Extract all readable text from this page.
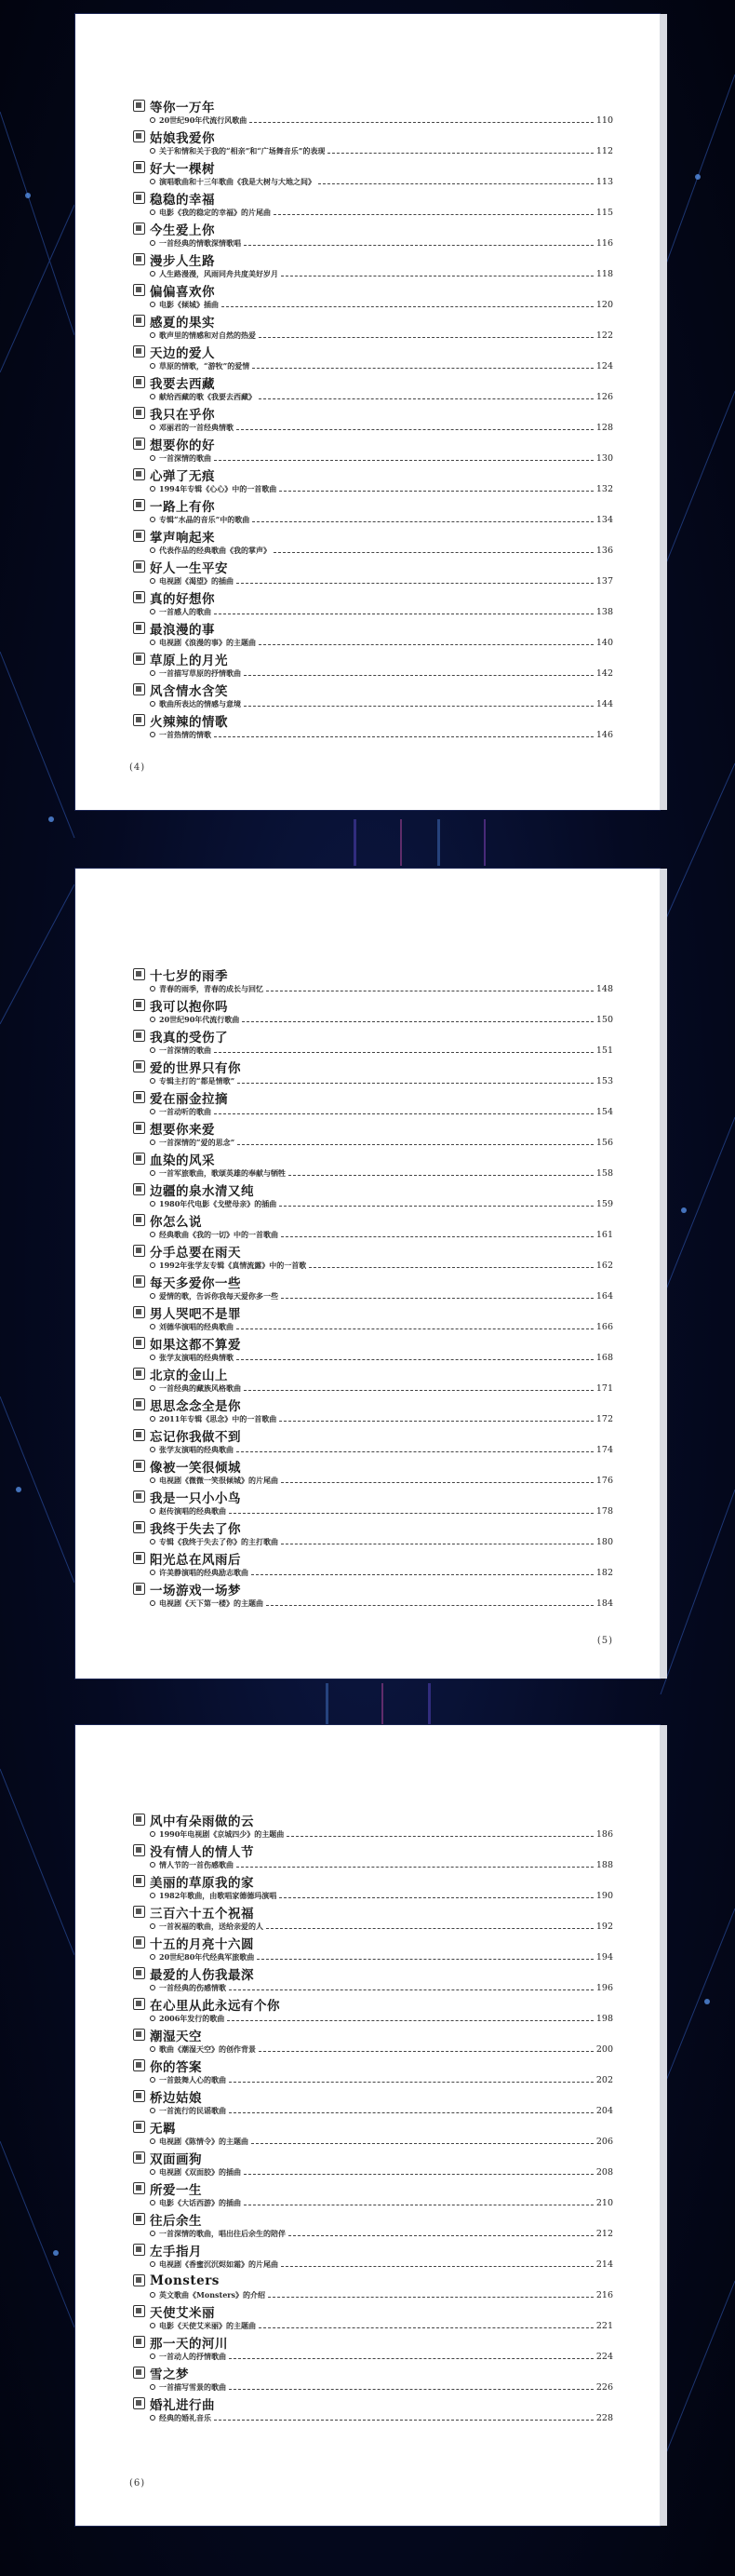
等你一万年
20世纪90年代流行风歌曲	110
姑娘我爱你
关于和情和关于我的“相亲”和“广场舞音乐”的表现	112
好大一棵树
演唱歌曲和十三年歌曲《我是大树与大地之间》	113
稳稳的幸福
电影《我的稳定的幸福》的片尾曲	115
今生爱上你
一首经典的情歌深情歌唱	116
漫步人生路
人生路漫漫，风雨同舟共度美好岁月	118
偏偏喜欢你
电影《倾城》插曲	120
感夏的果实
歌声里的情感和对自然的热爱	122
天边的爱人
草原的情歌，“游牧”的爱情	124
我要去西藏
献给西藏的歌《我要去西藏》	126
我只在乎你
邓丽君的一首经典情歌	128
想要你的好
一首深情的歌曲	130
心弹了无痕
1994年专辑《心心》中的一首歌曲	132
一路上有你
专辑“水晶的音乐”中的歌曲	134
掌声响起来
代表作品的经典歌曲《我的掌声》	136
好人一生平安
电视剧《渴望》的插曲	137
真的好想你
一首感人的歌曲	138
最浪漫的事
电视剧《浪漫的事》的主题曲	140
草原上的月光
一首描写草原的抒情歌曲	142
风含情水含笑
歌曲所表达的情感与意境	144
火辣辣的情歌
一首热情的情歌	146
(4)
十七岁的雨季
青春的雨季，青春的成长与回忆	148
我可以抱你吗
20世纪90年代流行歌曲	150
我真的受伤了
一首深情的歌曲	151
爱的世界只有你
专辑主打的“都是情歌”	153
爱在丽金拉摘
一首动听的歌曲	154
想要你来爱
一首深情的“爱的思念”	156
血染的风采
一首军旅歌曲，歌颂英雄的奉献与牺牲	158
边疆的泉水清又纯
1980年代电影《戈壁母亲》的插曲	159
你怎么说
经典歌曲《我的一切》中的一首歌曲	161
分手总要在雨天
1992年张学友专辑《真情流露》中的一首歌	162
每天多爱你一些
爱情的歌，告诉你我每天爱你多一些	164
男人哭吧不是罪
刘德华演唱的经典歌曲	166
如果这都不算爱
张学友演唱的经典情歌	168
北京的金山上
一首经典的藏族风格歌曲	171
思思念念全是你
2011年专辑《思念》中的一首歌曲	172
忘记你我做不到
张学友演唱的经典歌曲	174
像被一笑很倾城
电视剧《微微一笑很倾城》的片尾曲	176
我是一只小小鸟
赵传演唱的经典歌曲	178
我终于失去了你
专辑《我终于失去了你》的主打歌曲	180
阳光总在风雨后
许美静演唱的经典励志歌曲	182
一场游戏一场梦
电视剧《天下第一楼》的主题曲	184
(5)
风中有朵雨做的云
1990年电视剧《京城四少》的主题曲	186
没有情人的情人节
情人节的一首伤感歌曲	188
美丽的草原我的家
1982年歌曲，由歌唱家德德玛演唱	190
三百六十五个祝福
一首祝福的歌曲，送给亲爱的人	192
十五的月亮十六圆
20世纪80年代经典军旅歌曲	194
最爱的人伤我最深
一首经典的伤感情歌	196
在心里从此永远有个你
2006年发行的歌曲	198
潮湿天空
歌曲《潮湿天空》的创作背景	200
你的答案
一首鼓舞人心的歌曲	202
桥边姑娘
一首流行的民谣歌曲	204
无羁
电视剧《陈情令》的主题曲	206
双面画狗
电视剧《双面胶》的插曲	208
所爱一生
电影《大话西游》的插曲	210
往后余生
一首深情的歌曲，唱出往后余生的陪伴	212
左手指月
电视剧《香蜜沉沉烬如霜》的片尾曲	214
Monsters
英文歌曲《Monsters》的介绍	216
天使艾米丽
电影《天使艾米丽》的主题曲	221
那一天的河川
一首动人的抒情歌曲	224
雪之梦
一首描写雪景的歌曲	226
婚礼进行曲
经典的婚礼音乐	228
(6)
